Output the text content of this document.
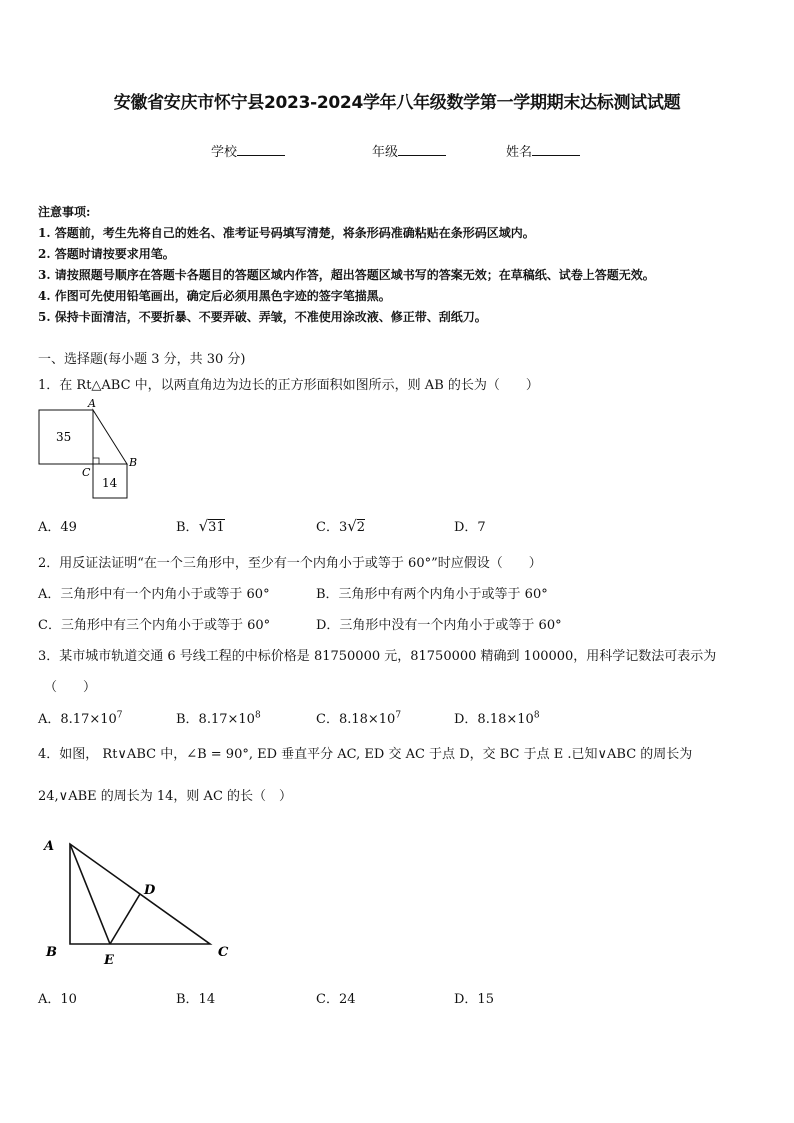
安徽省安庆市怀宁县2023-2024学年八年级数学第一学期期末达标测试试题
学校	年级	姓名
注意事项:
1. 答题前，考生先将自己的姓名、准考证号码填写清楚，将条形码准确粘贴在条形码区域内。
2. 答题时请按要求用笔。
3. 请按照题号顺序在答题卡各题目的答题区域内作答，超出答题区域书写的答案无效；在草稿纸、试卷上答题无效。
4. 作图可先使用铅笔画出，确定后必须用黑色字迹的签字笔描黑。
5. 保持卡面清洁，不要折暴、不要弄破、弄皱，不准使用涂改液、修正带、刮纸刀。
一、选择题(每小题 3 分，共 30 分)
1．在 Rt△ABC 中，以两直角边为边长的正方形面积如图所示，则 AB 的长为（　　）
35
14
A
B
C
A．49	B．√31	C．3√2	D．7
2．用反证法证明“在一个三角形中，至少有一个内角小于或等于 60°”时应假设（　　）
A．三角形中有一个内角小于或等于 60°	B．三角形中有两个内角小于或等于 60°
C．三角形中有三个内角小于或等于 60°	D．三角形中没有一个内角小于或等于 60°
3．某市城市轨道交通 6 号线工程的中标价格是 81750000 元，81750000 精确到 100000，用科学记数法可表示为
（　　）
A．$8.17\times 10^7$	B．$8.17\times 10^8$	C．$8.18\times 10^7$	D．$8.18\times 10^8$
4．如图， Rt∨ABC 中，∠B = 90°, ED 垂直平分 AC, ED 交 AC 于点 D，交 BC 于点 E .已知∨ABC 的周长为
24,∨ABE 的周长为 14，则 AC 的长（　）
A
B	C
D
E
A．10	B．14	C．24	D．15
